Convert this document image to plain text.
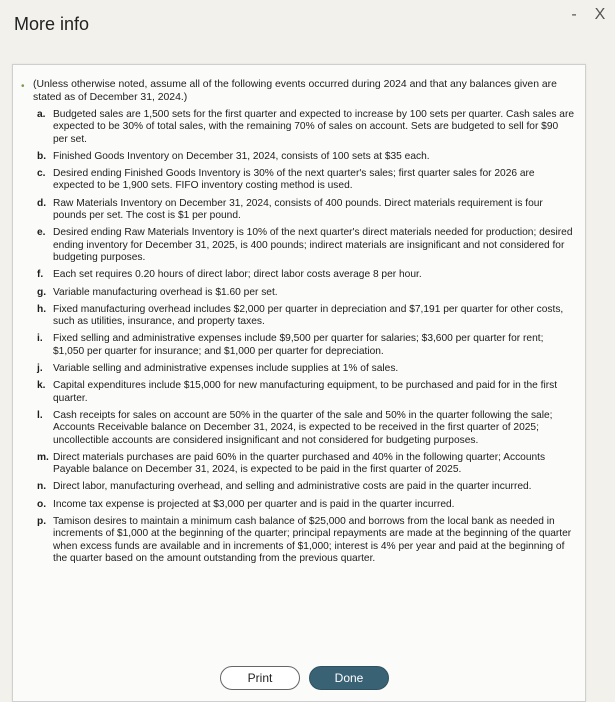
More info	-	X
• (Unless otherwise noted, assume all of the following events occurred during 2024 and that any balances given are stated as of December 31, 2024.)
a. Budgeted sales are 1,500 sets for the first quarter and expected to increase by 100 sets per quarter. Cash sales are expected to be 30% of total sales, with the remaining 70% of sales on account. Sets are budgeted to sell for $90 per set.
b. Finished Goods Inventory on December 31, 2024, consists of 100 sets at $35 each.
c. Desired ending Finished Goods Inventory is 30% of the next quarter's sales; first quarter sales for 2026 are expected to be 1,900 sets. FIFO inventory costing method is used.
d. Raw Materials Inventory on December 31, 2024, consists of 400 pounds. Direct materials requirement is four pounds per set. The cost is $1 per pound.
e. Desired ending Raw Materials Inventory is 10% of the next quarter's direct materials needed for production; desired ending inventory for December 31, 2025, is 400 pounds; indirect materials are insignificant and not considered for budgeting purposes.
f. Each set requires 0.20 hours of direct labor; direct labor costs average 8 per hour.
g. Variable manufacturing overhead is $1.60 per set.
h. Fixed manufacturing overhead includes $2,000 per quarter in depreciation and $7,191 per quarter for other costs, such as utilities, insurance, and property taxes.
i.	Fixed selling and administrative expenses include $9,500 per quarter for salaries; $3,600 per quarter for rent; $1,050 per quarter for insurance; and $1,000 per quarter for depreciation.
j.	Variable selling and administrative expenses include supplies at 1% of sales.
k. Capital expenditures include $15,000 for new manufacturing equipment, to be purchased and paid for in the first quarter.
l.	Cash receipts for sales on account are 50% in the quarter of the sale and 50% in the quarter following the sale; Accounts Receivable balance on December 31, 2024, is expected to be received in the first quarter of 2025; uncollectible accounts are considered insignificant and not considered for budgeting purposes.
m. Direct materials purchases are paid 60% in the quarter purchased and 40% in the following quarter; Accounts Payable balance on December 31, 2024, is expected to be paid in the first quarter of 2025.
n. Direct labor, manufacturing overhead, and selling and administrative costs are paid in the quarter incurred.
o. Income tax expense is projected at $3,000 per quarter and is paid in the quarter incurred.
p. Tamison desires to maintain a minimum cash balance of $25,000 and borrows from the local bank as needed in increments of $1,000 at the beginning of the quarter; principal repayments are made at the beginning of the quarter when excess funds are available and in increments of $1,000; interest is 4% per year and paid at the beginning of the quarter based on the amount outstanding from the previous quarter.
Print	Done
